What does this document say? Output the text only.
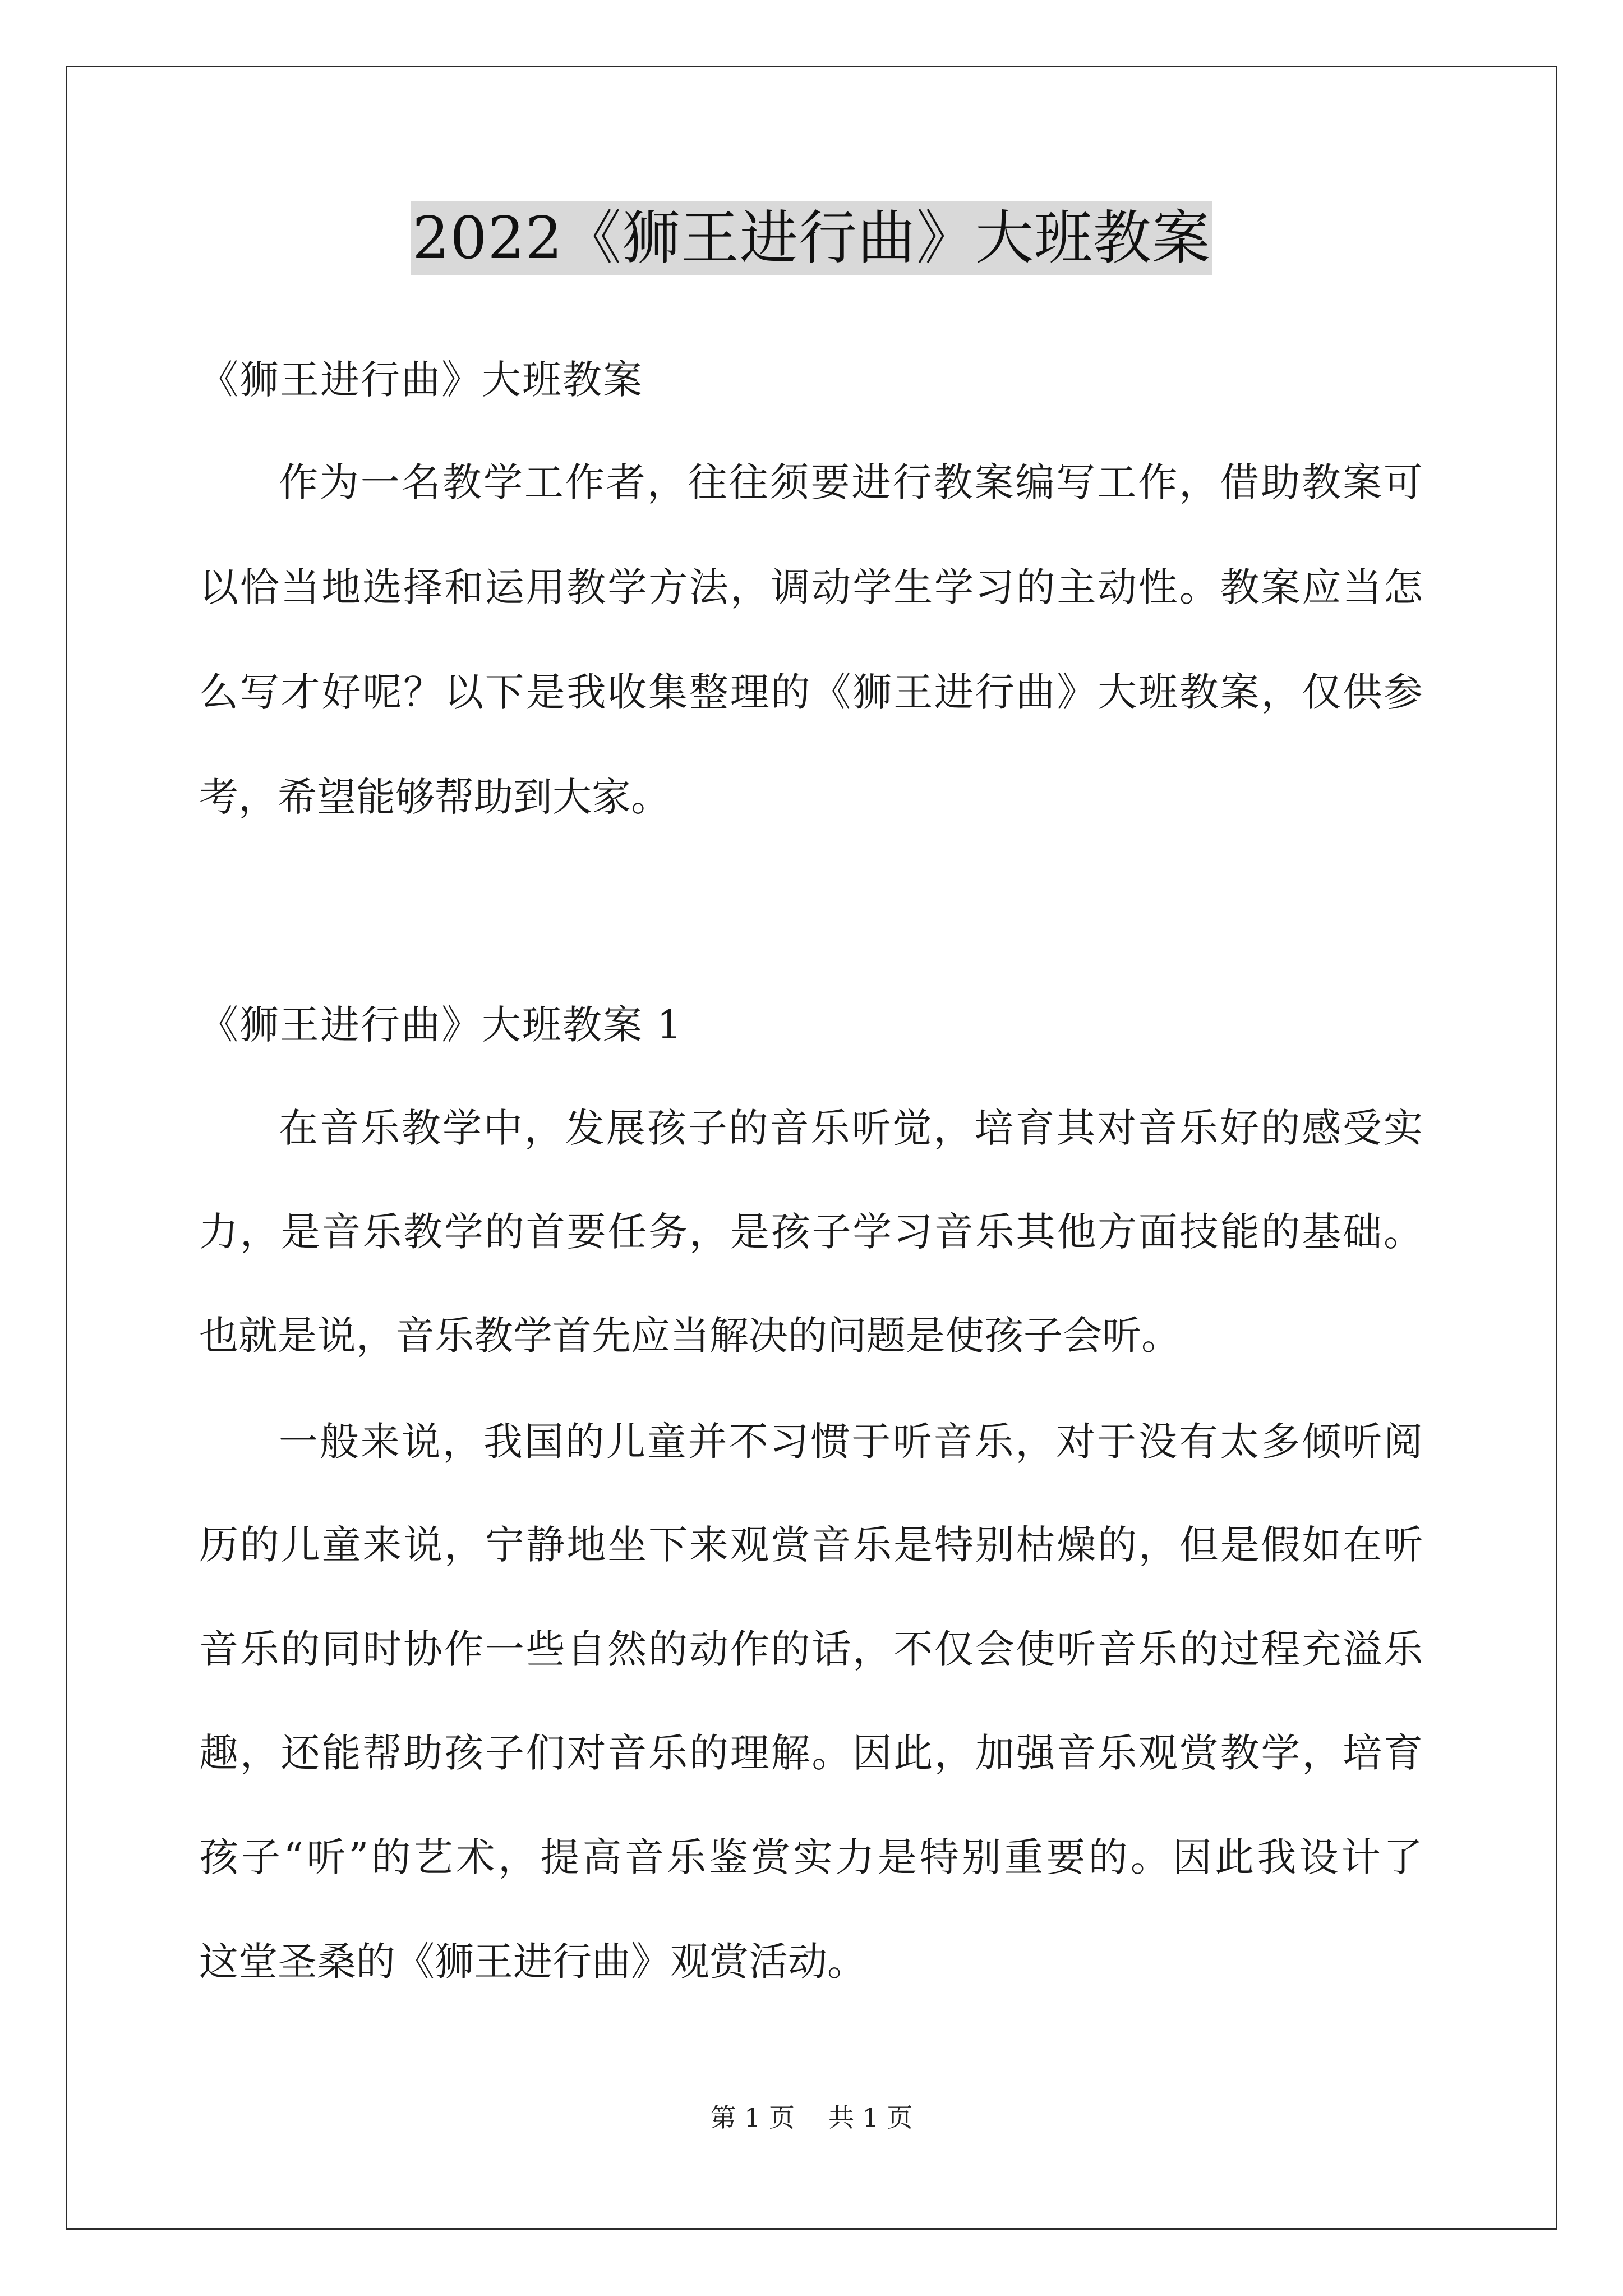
2022《狮王进行曲》大班教案
《狮王进行曲》大班教案
作为一名教学工作者，往往须要进行教案编写工作，借助教案可
以恰当地选择和运用教学方法，调动学生学习的主动性。教案应当怎
么写才好呢？以下是我收集整理的《狮王进行曲》大班教案，仅供参
考，希望能够帮助到大家。
《狮王进行曲》大班教案 1
在音乐教学中，发展孩子的音乐听觉，培育其对音乐好的感受实
力，是音乐教学的首要任务，是孩子学习音乐其他方面技能的基础。
也就是说，音乐教学首先应当解决的问题是使孩子会听。
一般来说，我国的儿童并不习惯于听音乐，对于没有太多倾听阅
历的儿童来说，宁静地坐下来观赏音乐是特别枯燥的，但是假如在听
音乐的同时协作一些自然的动作的话，不仅会使听音乐的过程充溢乐
趣，还能帮助孩子们对音乐的理解。因此，加强音乐观赏教学，培育
孩子“听”的艺术，提高音乐鉴赏实力是特别重要的。因此我设计了
这堂圣桑的《狮王进行曲》观赏活动。
第 1 页 共 1 页
